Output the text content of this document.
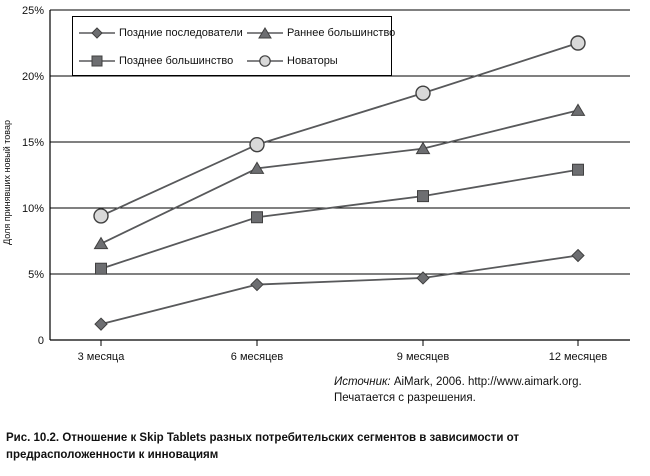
Доля принявших новый товар
25%
20%
15%
10%
5%
0
3 месяца	6 месяцев	9 месяцев	12 месяцев
Поздние последователи	Раннее большинство
Позднее большинство	Новаторы
Источник: AiMark, 2006. http://www.aimark.org.
Печатается с разрешения.
Рис. 10.2. Отношение к Skip Tablets разных потребительских сегментов в зависимости от предрасположенности к инновациям
